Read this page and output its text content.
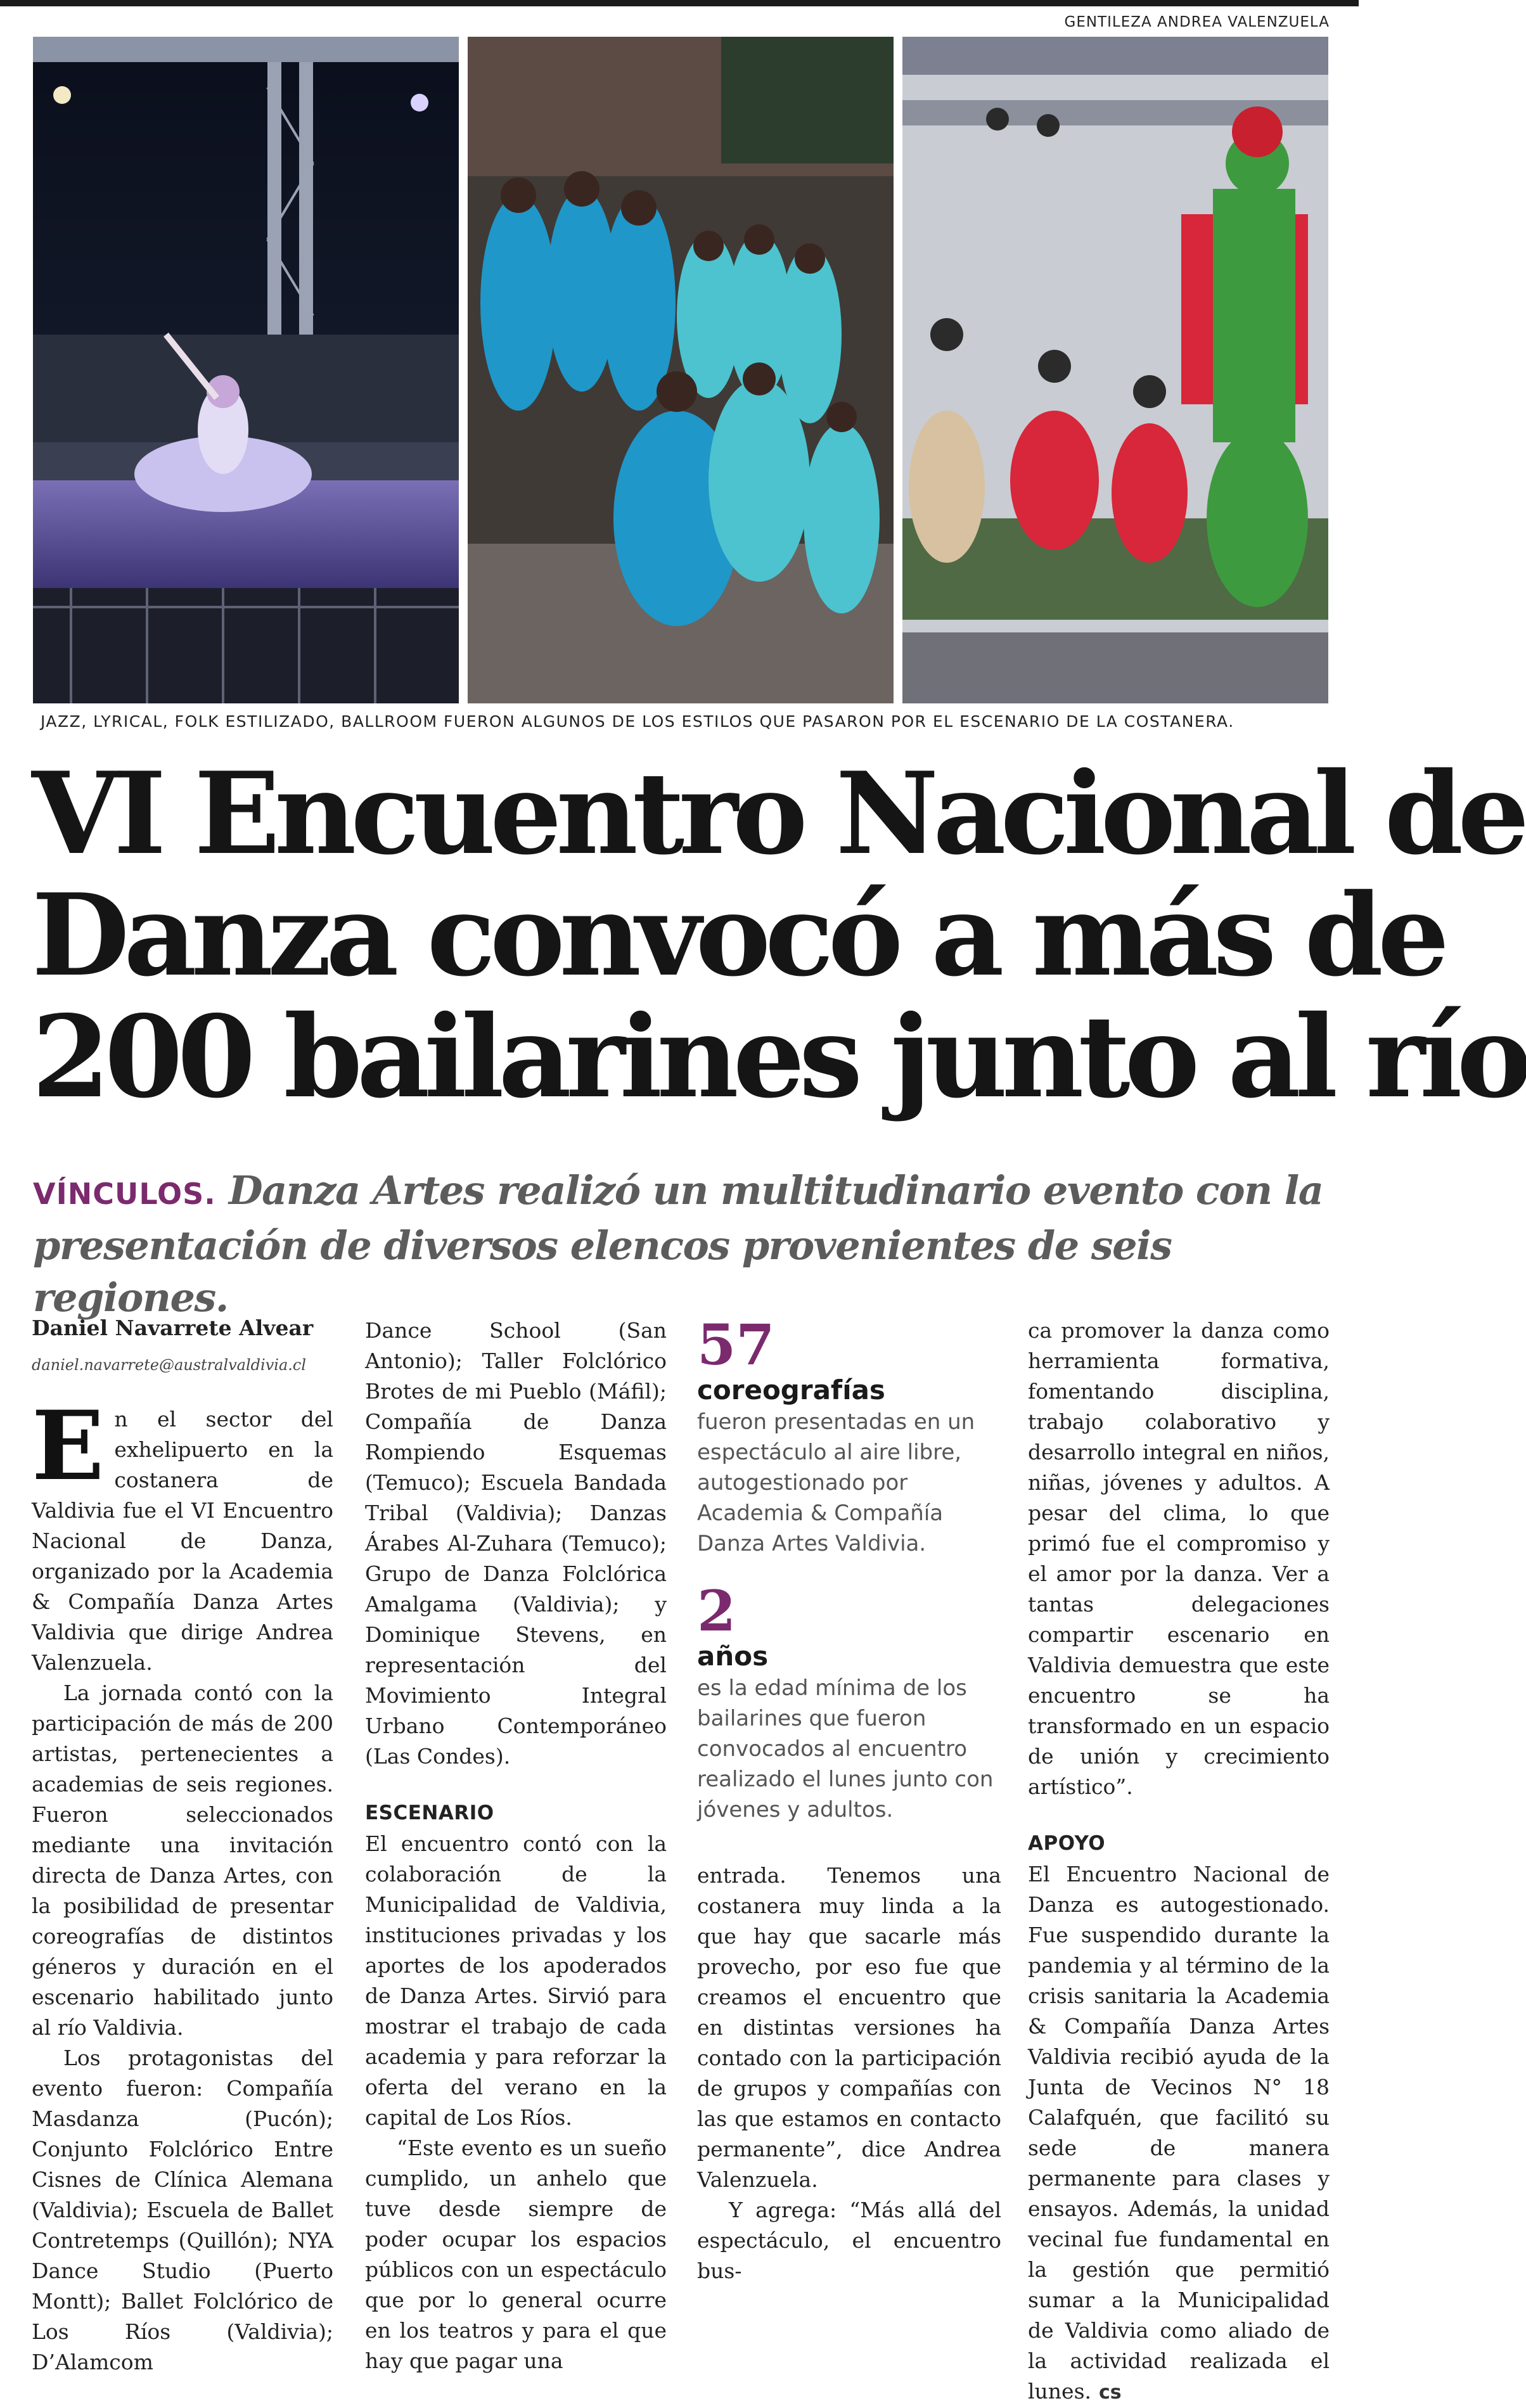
GENTILEZA ANDREA VALENZUELA
JAZZ, LYRICAL, FOLK ESTILIZADO, BALLROOM FUERON ALGUNOS DE LOS ESTILOS QUE PASARON POR EL ESCENARIO DE LA COSTANERA.
VI Encuentro Nacional de
Danza convocó a más de
200 bailarines junto al río
VÍNCULOS. Danza Artes realizó un multitudinario evento con la presentación de diversos elencos provenientes de seis regiones.
Daniel Navarrete Alvear
daniel.navarrete@australvaldivia.cl
En el sector del exhelipuerto en la costanera de Valdivia fue el VI Encuentro Nacional de Danza, organizado por la Academia & Compañía Danza Artes Valdivia que dirige Andrea Valenzuela.
La jornada contó con la participación de más de 200 artistas, pertenecientes a academias de seis regiones. Fueron seleccionados mediante una invitación directa de Danza Artes, con la posibilidad de presentar coreografías de distintos géneros y duración en el escenario habilitado junto al río Valdivia.
Los protagonistas del evento fueron: Compañía Masdanza (Pucón); Conjunto Folclórico Entre Cisnes de Clínica Alemana (Valdivia); Escuela de Ballet Contretemps (Quillón); NYA Dance Studio (Puerto Montt); Ballet Folclórico de Los Ríos (Valdivia); D’Alamcom
Dance School (San Antonio); Taller Folclórico Brotes de mi Pueblo (Máfil); Compañía de Danza Rompiendo Esquemas (Temuco); Escuela Bandada Tribal (Valdivia); Danzas Árabes Al-Zuhara (Temuco); Grupo de Danza Folclórica Amalgama (Valdivia); y Dominique Stevens, en representación del Movimiento Integral Urbano Contemporáneo (Las Condes).
ESCENARIO
El encuentro contó con la colaboración de la Municipalidad de Valdivia, instituciones privadas y los aportes de los apoderados de Danza Artes. Sirvió para mostrar el trabajo de cada academia y para reforzar la oferta del verano en la capital de Los Ríos.
“Este evento es un sueño cumplido, un anhelo que tuve desde siempre de poder ocupar los espacios públicos con un espectáculo que por lo general ocurre en los teatros y para el que hay que pagar una
57
coreografías
fueron presentadas en un espectáculo al aire libre, autogestionado por Academia & Compañía Danza Artes Valdivia.
2
años
es la edad mínima de los bailarines que fueron convocados al encuentro realizado el lunes junto con jóvenes y adultos.
entrada. Tenemos una costanera muy linda a la que hay que sacarle más provecho, por eso fue que creamos el encuentro que en distintas versiones ha contado con la participación de grupos y compañías con las que estamos en contacto permanente”, dice Andrea Valenzuela.
Y agrega: “Más allá del espectáculo, el encuentro bus-
ca promover la danza como herramienta formativa, fomentando disciplina, trabajo colaborativo y desarrollo integral en niños, niñas, jóvenes y adultos. A pesar del clima, lo que primó fue el compromiso y el amor por la danza. Ver a tantas delegaciones compartir escenario en Valdivia demuestra que este encuentro se ha transformado en un espacio de unión y crecimiento artístico”.
APOYO
El Encuentro Nacional de Danza es autogestionado. Fue suspendido durante la pandemia y al término de la crisis sanitaria la Academia & Compañía Danza Artes Valdivia recibió ayuda de la Junta de Vecinos N° 18 Calafquén, que facilitó su sede de manera permanente para clases y ensayos. Además, la unidad vecinal fue fundamental en la gestión que permitió sumar a la Municipalidad de Valdivia como aliado de la actividad realizada el lunes. cs
